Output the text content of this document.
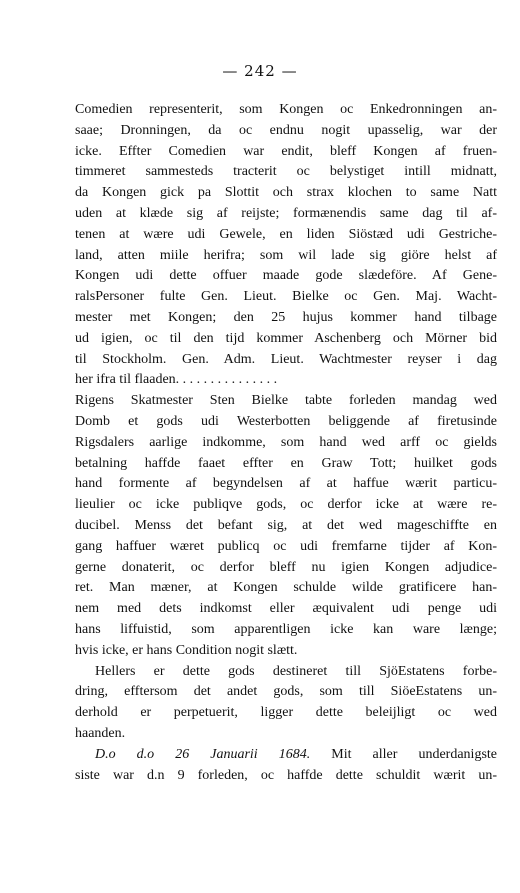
— 242 —
Comedien representerit, som Kongen oc Enkedronningen an-
saae; Dronningen, da oc endnu nogit upasselig, war der
icke. Effter Comedien war endit, bleff Kongen af fruen-
timmeret sammesteds tracterit oc belystiget intill midnatt,
da Kongen gick pa Slottit och strax klochen to same Natt
uden at klæde sig af reijste; formænendis same dag til af-
tenen at wære udi Gewele, en liden Siöstæd udi Gestriche-
land, atten miile herifra; som wil lade sig giöre helst af
Kongen udi dette offuer maade gode slædeföre. Af Gene-
ralsPersoner fulte Gen. Lieut. Bielke oc Gen. Maj. Wacht-
mester met Kongen; den 25 hujus kommer hand tilbage
ud igien, oc til den tijd kommer Aschenberg och Mörner bid
til Stockholm. Gen. Adm. Lieut. Wachtmester reyser i dag
her ifra til flaaden. . . . . . . . . . . . . . .
Rigens Skatmester Sten Bielke tabte forleden mandag wed
Domb et gods udi Westerbotten beliggende af firetusinde
Rigsdalers aarlige indkomme, som hand wed arff oc gields
betalning haffde faaet effter en Graw Tott; huilket gods
hand formente af begyndelsen af at haffue wærit particu-
lieulier oc icke publiqve gods, oc derfor icke at wære re-
ducibel. Menss det befant sig, at det wed mageschiffte en
gang haffuer wæret publicq oc udi fremfarne tijder af Kon-
gerne donaterit, oc derfor bleff nu igien Kongen adjudice-
ret. Man mæner, at Kongen schulde wilde gratificere han-
nem med dets indkomst eller æquivalent udi penge udi
hans liffuistid, som apparentligen icke kan ware længe;
hvis icke, er hans Condition nogit slætt.
Hellers er dette gods destineret till SjöEstatens forbe-
dring, efftersom det andet gods, som till SiöeEstatens un-
derhold er perpetuerit, ligger dette beleijligt oc wed
haanden.
D.o d.o 26 Januarii 1684. Mit aller underdanigste
siste war d.n 9 forleden, oc haffde dette schuldit wærit un-
